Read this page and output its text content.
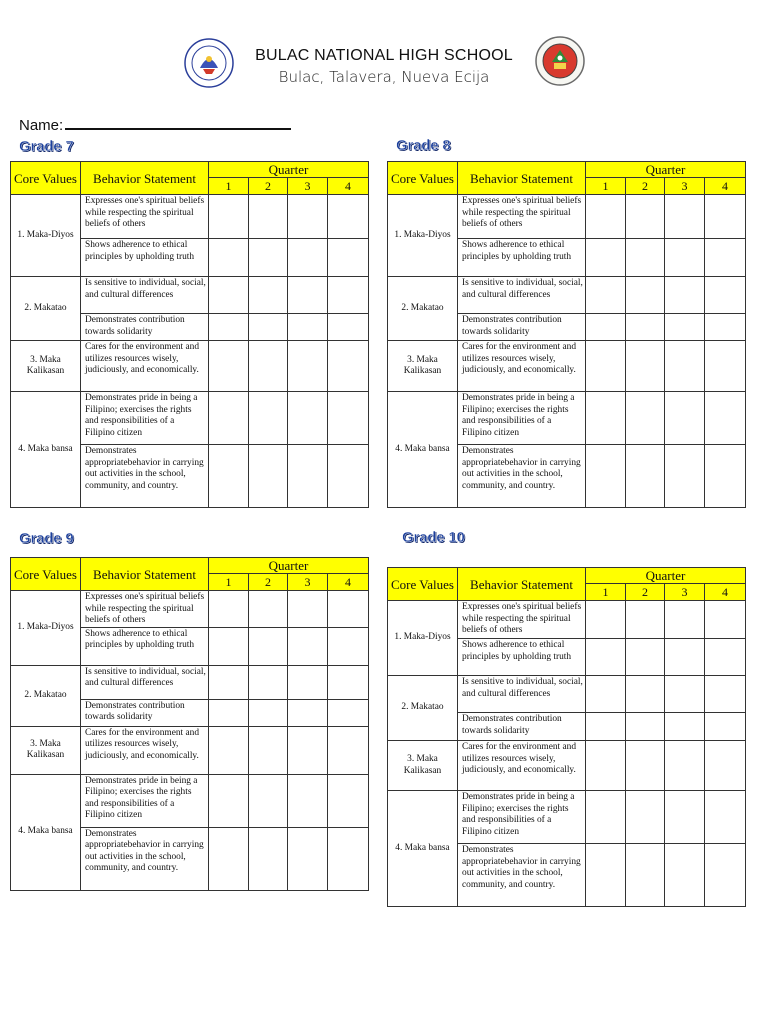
BULAC NATIONAL HIGH SCHOOL
Bulac, Talavera, Nueva Ecija
Name:
Grade 7	Grade 8
Grade 9	Grade 10
Core Values	Behavior Statement	Quarter			
		1	2	3	4
1. Maka-Diyos	Expresses one's spiritual beliefs while respecting the spiritual beliefs of others				
	Shows adherence to ethical principles by upholding truth				
2. Makatao	Is sensitive to individual, social, and cultural differences				
	Demonstrates contribution towards solidarity				
3. Maka Kalikasan	Cares for the environment and utilizes resources wisely, judiciously, and economically.				
4. Maka bansa	Demonstrates pride in being a Filipino; exercises the rights and responsibilities of a Filipino citizen				
	Demonstrates appropriatebehavior in carrying out activities in the school, community, and country.				
Core Values	Behavior Statement	Quarter			
		1	2	3	4
1. Maka-Diyos	Expresses one's spiritual beliefs while respecting the spiritual beliefs of others				
	Shows adherence to ethical principles by upholding truth				
2. Makatao	Is sensitive to individual, social, and cultural differences				
	Demonstrates contribution towards solidarity				
3. Maka Kalikasan	Cares for the environment and utilizes resources wisely, judiciously, and economically.				
4. Maka bansa	Demonstrates pride in being a Filipino; exercises the rights and responsibilities of a Filipino citizen				
	Demonstrates appropriatebehavior in carrying out activities in the school, community, and country.				
Core Values	Behavior Statement	Quarter			
		1	2	3	4
1. Maka-Diyos	Expresses one's spiritual beliefs while respecting the spiritual beliefs of others				
	Shows adherence to ethical principles by upholding truth				
2. Makatao	Is sensitive to individual, social, and cultural differences				
	Demonstrates contribution towards solidarity				
3. Maka Kalikasan	Cares for the environment and utilizes resources wisely, judiciously, and economically.				
4. Maka bansa	Demonstrates pride in being a Filipino; exercises the rights and responsibilities of a Filipino citizen				
	Demonstrates appropriatebehavior in carrying out activities in the school, community, and country.				
Core Values	Behavior Statement	Quarter			
		1	2	3	4
1. Maka-Diyos	Expresses one's spiritual beliefs while respecting the spiritual beliefs of others				
	Shows adherence to ethical principles by upholding truth				
2. Makatao	Is sensitive to individual, social, and cultural differences				
	Demonstrates contribution towards solidarity				
3. Maka Kalikasan	Cares for the environment and utilizes resources wisely, judiciously, and economically.				
4. Maka bansa	Demonstrates pride in being a Filipino; exercises the rights and responsibilities of a Filipino citizen				
	Demonstrates appropriatebehavior in carrying out activities in the school, community, and country.				
